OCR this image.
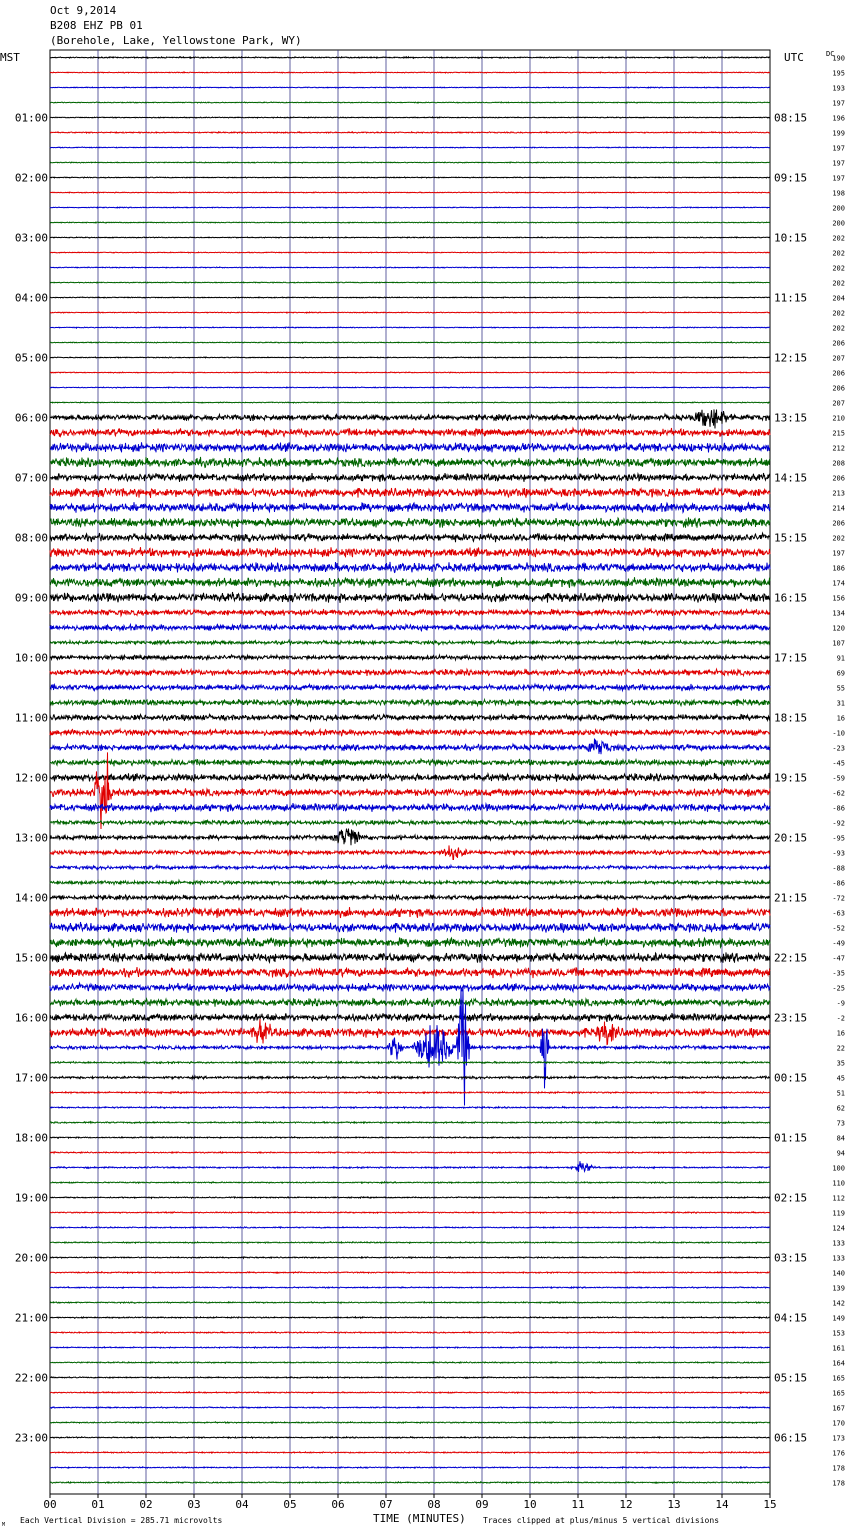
Oct 9,2014
B208 EHZ PB 01
(Borehole, Lake, Yellowstone Park, WY)
00	01	02	03	04	05	06	07	08	09	10	11	12	13	14	15
190
195
193
197
196
01:00	08:15
199
197
197
197
02:00	09:15
198
200
200
202
03:00	10:15
202
202
202
204
04:00	11:15
202
202
206
207
05:00	12:15
206
206
207
210
06:00	13:15
215
212
208
206
07:00	14:15
213
214
206
202
08:00	15:15
197
186
174
156
09:00	16:15
134
120
107
91
10:00	17:15
69
55
31
16
11:00	18:15
-10
-23
-45
-59
12:00	19:15
-62
-86
-92
-95
13:00	20:15
-93
-88
-86
-72
14:00	21:15
-63
-52
-49
-47
15:00	22:15
-35
-25
-9
-2
16:00	23:15
16
22
35
45
17:00	00:15
51
62
73
84
18:00	01:15
94
100
110
112
19:00	02:15
119
124
133
133
20:00	03:15
140
139
142
149
21:00	04:15
153
161
164
165
22:00	05:15
165
167
170
173
23:00	06:15
176
178
178
MST	UTC	DC
TIME (MINUTES)
Each Vertical Division = 285.71 microvolts	Traces clipped at plus/minus 5 vertical divisions
M
